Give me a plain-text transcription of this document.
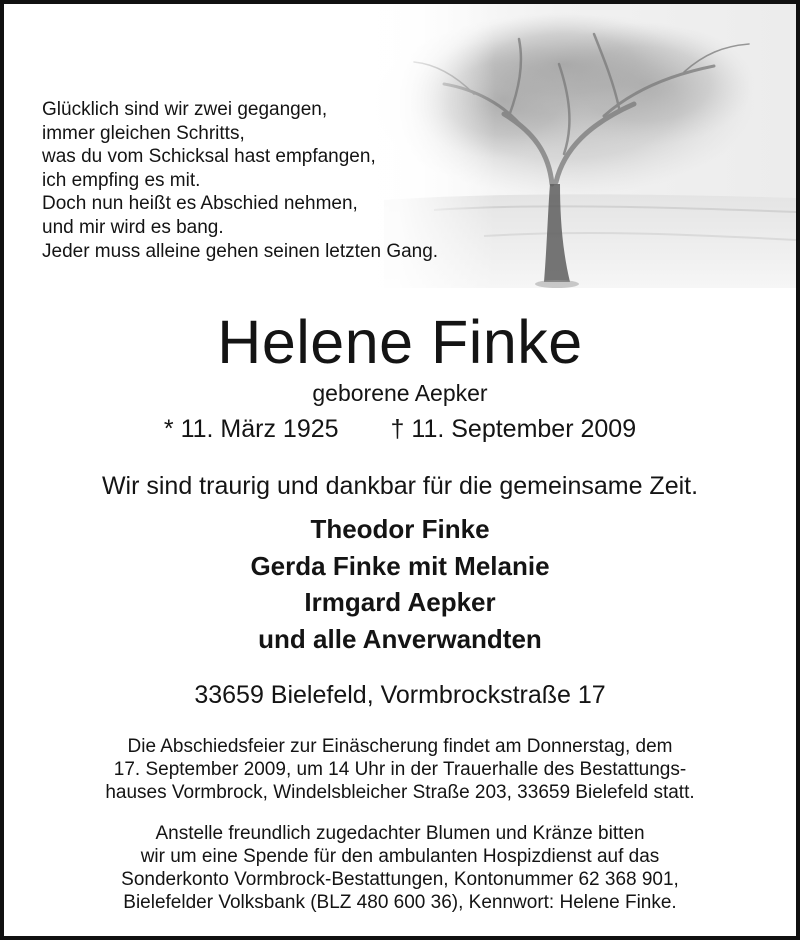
Glücklich sind wir zwei gegangen,
immer gleichen Schritts,
was du vom Schicksal hast empfangen,
ich empfing es mit.
Doch nun heißt es Abschied nehmen,
und mir wird es bang.
Jeder muss alleine gehen seinen letzten Gang.
Helene Finke
geborene Aepker
* 11. März 1925 † 11. September 2009
Wir sind traurig und dankbar für die gemeinsame Zeit.
Theodor Finke
Gerda Finke mit Melanie
Irmgard Aepker
und alle Anverwandten
33659 Bielefeld, Vormbrockstraße 17
Die Abschiedsfeier zur Einäscherung findet am Donnerstag, dem
17. September 2009, um 14 Uhr in der Trauerhalle des Bestattungs-
hauses Vormbrock, Windelsbleicher Straße 203, 33659 Bielefeld statt.
Anstelle freundlich zugedachter Blumen und Kränze bitten
wir um eine Spende für den ambulanten Hospizdienst auf das
Sonderkonto Vormbrock-Bestattungen, Kontonummer 62 368 901,
Bielefelder Volksbank (BLZ 480 600 36), Kennwort: Helene Finke.
